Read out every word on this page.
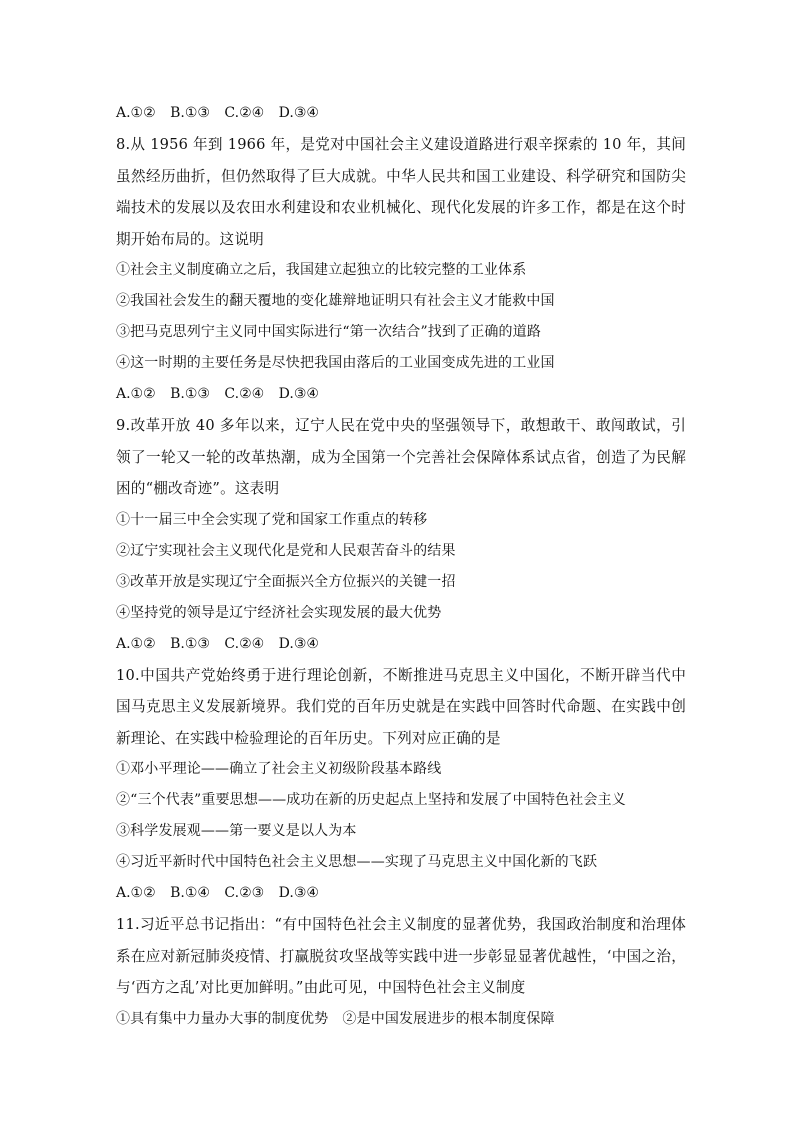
A.①② B.①③ C.②④ D.③④
8.从 1956 年到 1966 年，是党对中国社会主义建设道路进行艰辛探索的 10 年，其间虽然经历曲折，但仍然取得了巨大成就。中华人民共和国工业建设、科学研究和国防尖端技术的发展以及农田水利建设和农业机械化、现代化发展的许多工作，都是在这个时期开始布局的。这说明
①社会主义制度确立之后，我国建立起独立的比较完整的工业体系
②我国社会发生的翻天覆地的变化雄辩地证明只有社会主义才能救中国
③把马克思列宁主义同中国实际进行“第一次结合”找到了正确的道路
④这一时期的主要任务是尽快把我国由落后的工业国变成先进的工业国
A.①② B.①③ C.②④ D.③④
9.改革开放 40 多年以来，辽宁人民在党中央的坚强领导下，敢想敢干、敢闯敢试，引领了一轮又一轮的改革热潮，成为全国第一个完善社会保障体系试点省，创造了为民解困的“棚改奇迹”。这表明
①十一届三中全会实现了党和国家工作重点的转移
②辽宁实现社会主义现代化是党和人民艰苦奋斗的结果
③改革开放是实现辽宁全面振兴全方位振兴的关键一招
④坚持党的领导是辽宁经济社会实现发展的最大优势
A.①② B.①③ C.②④ D.③④
10.中国共产党始终勇于进行理论创新，不断推进马克思主义中国化，不断开辟当代中国马克思主义发展新境界。我们党的百年历史就是在实践中回答时代命题、在实践中创新理论、在实践中检验理论的百年历史。下列对应正确的是
①邓小平理论——确立了社会主义初级阶段基本路线
②“三个代表”重要思想——成功在新的历史起点上坚持和发展了中国特色社会主义
③科学发展观——第一要义是以人为本
④习近平新时代中国特色社会主义思想——实现了马克思主义中国化新的飞跃
A.①② B.①④ C.②③ D.③④
11.习近平总书记指出：“有中国特色社会主义制度的显著优势，我国政治制度和治理体系在应对新冠肺炎疫情、打赢脱贫攻坚战等实践中进一步彰显显著优越性，‘中国之治，与‘西方之乱’对比更加鲜明。”由此可见，中国特色社会主义制度
①具有集中力量办大事的制度优势　②是中国发展进步的根本制度保障
